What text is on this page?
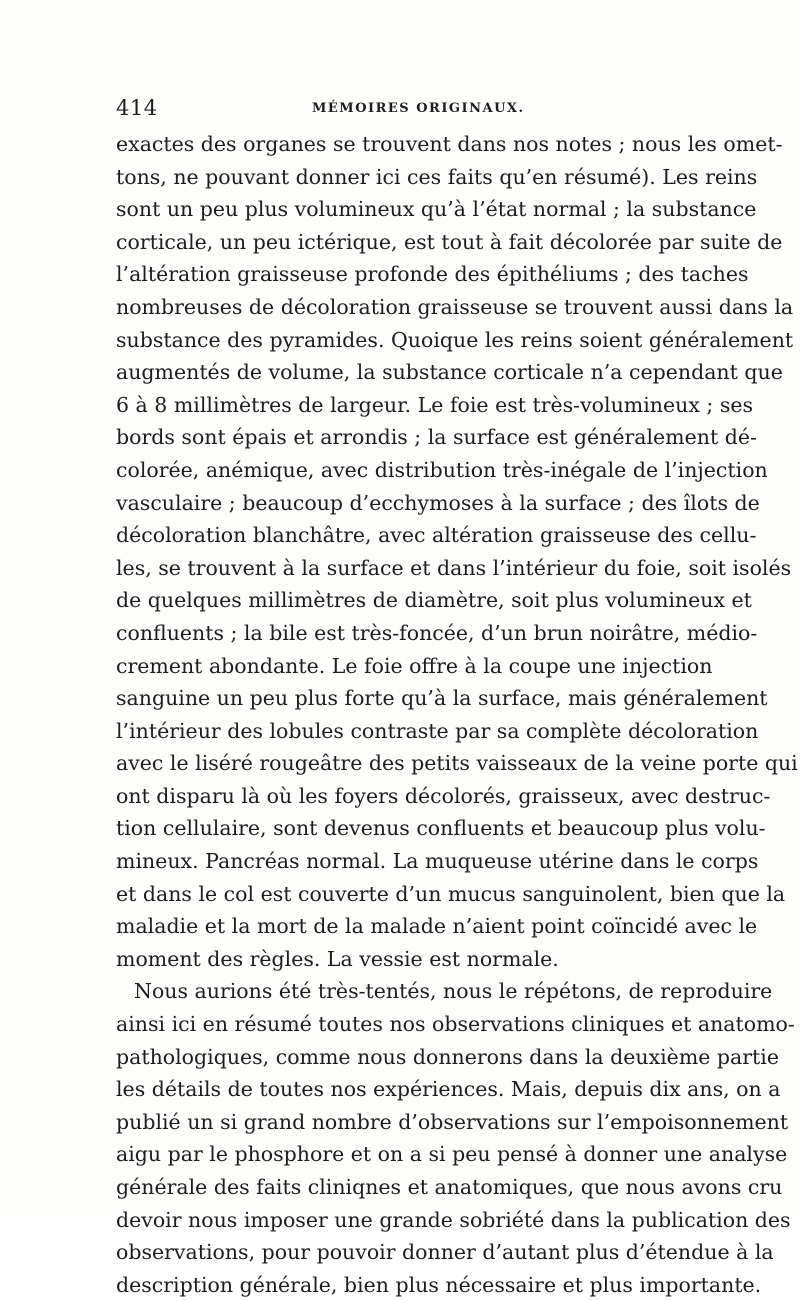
414	MÉMOIRES ORIGINAUX.
exactes des organes se trouvent dans nos notes ; nous les omet-
tons, ne pouvant donner ici ces faits qu’en résumé). Les reins
sont un peu plus volumineux qu’à l’état normal ; la substance
corticale, un peu ictérique, est tout à fait décolorée par suite de
l’altération graisseuse profonde des épithéliums ; des taches
nombreuses de décoloration graisseuse se trouvent aussi dans la
substance des pyramides. Quoique les reins soient généralement
augmentés de volume, la substance corticale n’a cependant que
6 à 8 millimètres de largeur. Le foie est très-volumineux ; ses
bords sont épais et arrondis ; la surface est généralement dé-
colorée, anémique, avec distribution très-inégale de l’injection
vasculaire ; beaucoup d’ecchymoses à la surface ; des îlots de
décoloration blanchâtre, avec altération graisseuse des cellu-
les, se trouvent à la surface et dans l’intérieur du foie, soit isolés
de quelques millimètres de diamètre, soit plus volumineux et
confluents ; la bile est très-foncée, d’un brun noirâtre, médio-
crement abondante. Le foie offre à la coupe une injection
sanguine un peu plus forte qu’à la surface, mais généralement
l’intérieur des lobules contraste par sa complète décoloration
avec le liséré rougeâtre des petits vaisseaux de la veine porte qui
ont disparu là où les foyers décolorés, graisseux, avec destruc-
tion cellulaire, sont devenus confluents et beaucoup plus volu-
mineux. Pancréas normal. La muqueuse utérine dans le corps
et dans le col est couverte d’un mucus sanguinolent, bien que la
maladie et la mort de la malade n’aient point coïncidé avec le
moment des règles. La vessie est normale.
Nous aurions été très-tentés, nous le répétons, de reproduire
ainsi ici en résumé toutes nos observations cliniques et anatomo-
pathologiques, comme nous donnerons dans la deuxième partie
les détails de toutes nos expériences. Mais, depuis dix ans, on a
publié un si grand nombre d’observations sur l’empoisonnement
aigu par le phosphore et on a si peu pensé à donner une analyse
générale des faits cliniqnes et anatomiques, que nous avons cru
devoir nous imposer une grande sobriété dans la publication des
observations, pour pouvoir donner d’autant plus d’étendue à la
description générale, bien plus nécessaire et plus importante.
